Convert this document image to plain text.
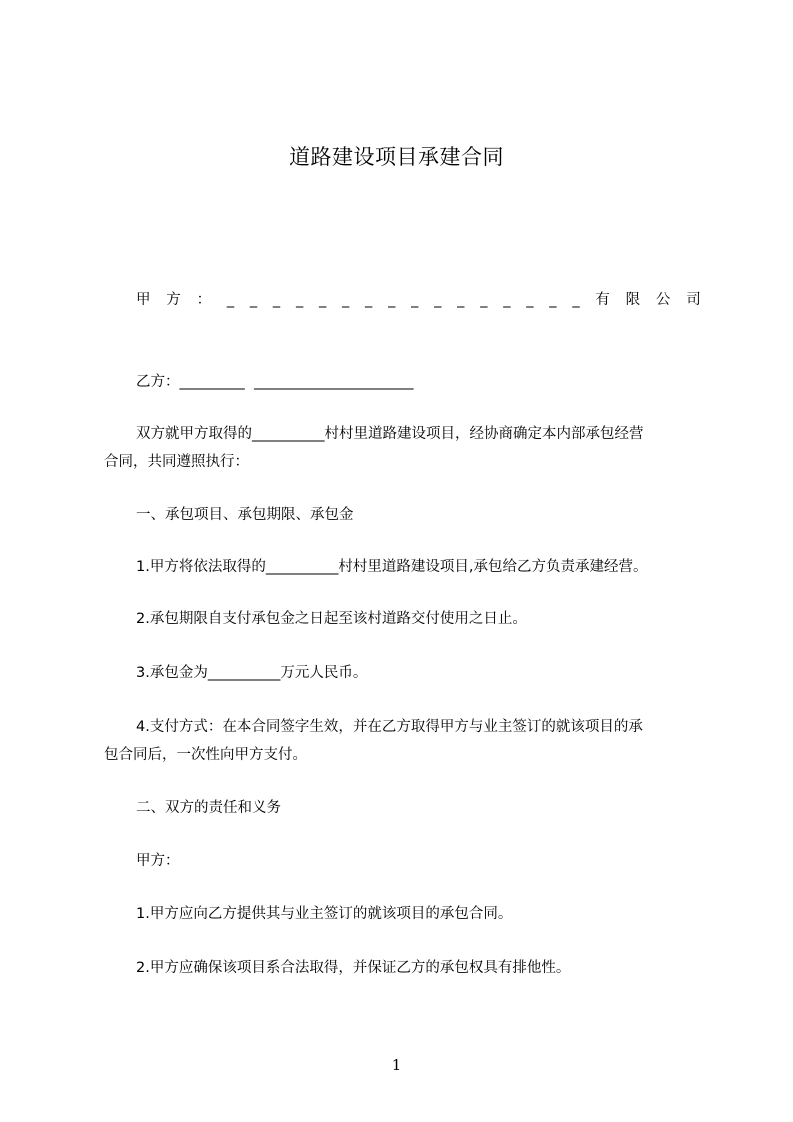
道路建设项目承建合同
甲 方 ： _ _ _ _ _ _ _ _ _ _ _ _ _ _ _ _ 有 限 公 司
乙方：_________ ______________________
双方就甲方取得的__________村村里道路建设项目，经协商确定本内部承包经营
合同，共同遵照执行：
一、承包项目、承包期限、承包金
1.甲方将依法取得的__________村村里道路建设项目,承包给乙方负责承建经营。
2.承包期限自支付承包金之日起至该村道路交付使用之日止。
3.承包金为__________万元人民币。
4.支付方式：在本合同签字生效，并在乙方取得甲方与业主签订的就该项目的承
包合同后，一次性向甲方支付。
二、双方的责任和义务
甲方：
1.甲方应向乙方提供其与业主签订的就该项目的承包合同。
2.甲方应确保该项目系合法取得，并保证乙方的承包权具有排他性。
1
